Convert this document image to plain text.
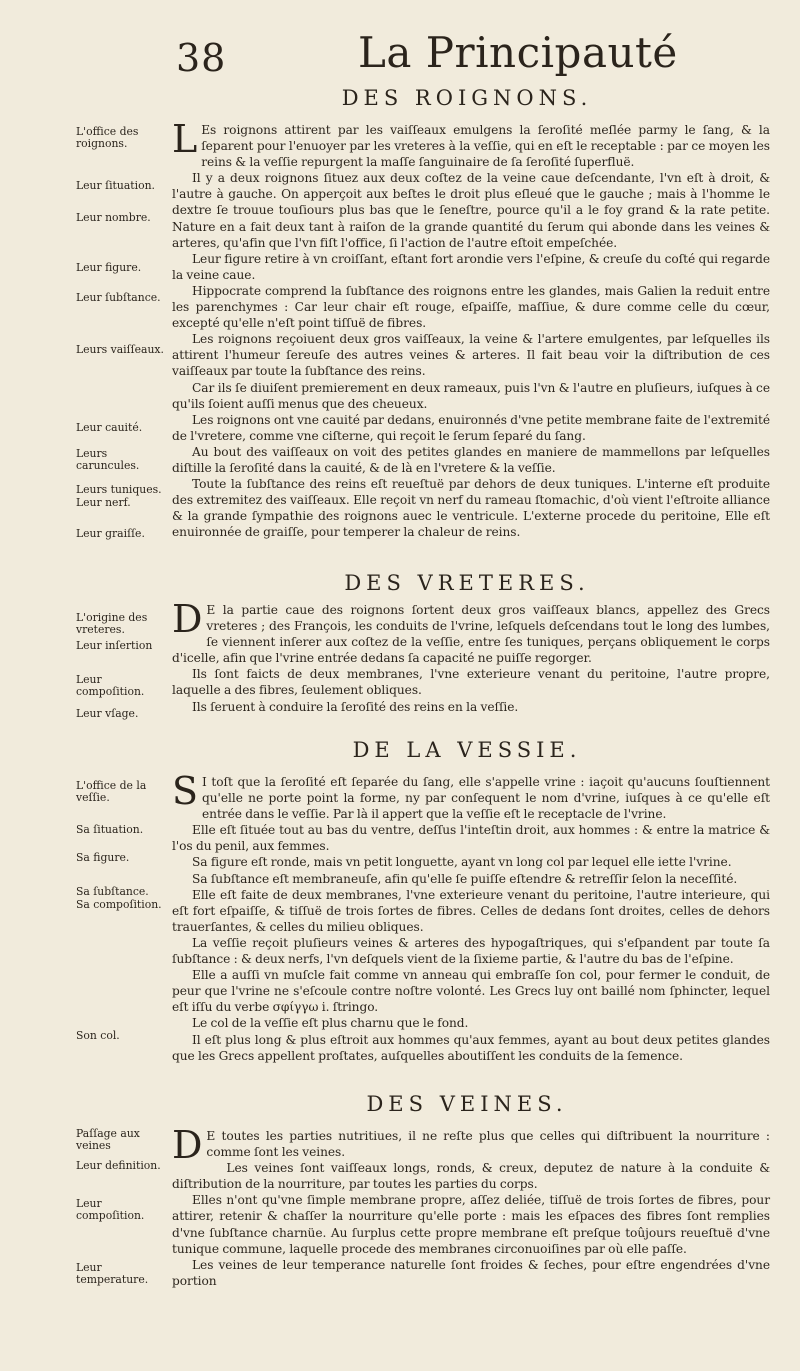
38	La Principauté
DES ROIGNONS.

L Es roignons attirent par les vaiſſeaux emulgens la ſeroſité meſlée parmy le ſang, & la ſeparent pour l'enuoyer par les vreteres à la veſſie, qui en eſt le receptable : par ce moyen les reins & la veſſie repurgent la maſſe ſanguinaire de ſa ſeroſité ſuperfluë.

Il y a deux roignons ſituez aux deux coſtez de la veine caue deſcendante, l'vn eſt à droit, & l'autre à gauche. On apperçoit aux beſtes le droit plus eſleué que le gauche ; mais à l'homme le dextre ſe trouue touſiours plus bas que le ſeneſtre, pource qu'il a le foy grand & la rate petite. Nature en a fait deux tant à raiſon de la grande quantité du ſerum qui abonde dans les veines & arteres, qu'afin que l'vn fiſt l'office, ſi l'action de l'autre eſtoit empeſchée.

Leur figure retire à vn croiſſant, eſtant fort arondie vers l'eſpine, & creuſe du coſté qui regarde la veine caue.

Hippocrate comprend la ſubſtance des roignons entre les glandes, mais Galien la reduit entre les parenchymes : Car leur chair eſt rouge, eſpaiſſe, maſſiue, & dure comme celle du cœur, excepté qu'elle n'eſt point tiſſuë de fibres.

Les roignons reçoiuent deux gros vaiſſeaux, la veine & l'artere emulgentes, par leſquelles ils attirent l'humeur ſereuſe des autres veines & arteres. Il fait beau voir la diſtribution de ces vaiſſeaux par toute la ſubſtance des reins.

Car ils ſe diuiſent premierement en deux rameaux, puis l'vn & l'autre en pluſieurs, iuſques à ce qu'ils ſoient auſſi menus que des cheueux.

Les roignons ont vne cauité par dedans, enuironnés d'vne petite membrane faite de l'extremité de l'vretere, comme vne ciſterne, qui reçoit le ſerum ſeparé du ſang.

Au bout des vaiſſeaux on voit des petites glandes en maniere de mammellons par leſquelles diſtille la ſeroſité dans la cauité, & de là en l'vretere & la veſſie.

Toute la ſubſtance des reins eſt reueſtuë par dehors de deux tuniques. L'interne eſt produite des extremitez des vaiſſeaux. Elle reçoit vn nerf du rameau ſtomachic, d'où vient l'eſtroite alliance & la grande ſympathie des roignons auec le ventricule. L'externe procede du peritoine, Elle eſt enuironnée de graiſſe, pour temperer la chaleur de reins.

DES VRETERES.

D E la partie caue des roignons ſortent deux gros vaiſſeaux blancs, appellez des Grecs vreteres ; des François, les conduits de l'vrine, leſquels deſcendans tout le long des lumbes, ſe viennent inſerer aux coſtez de la veſſie, entre ſes tuniques, perçans obliquement le corps d'icelle, afin que l'vrine entrée dedans ſa capacité ne puiſſe regorger.

Ils ſont faicts de deux membranes, l'vne exterieure venant du peritoine, l'autre propre, laquelle a des fibres, ſeulement obliques.

Ils ſeruent à conduire la ſeroſité des reins en la veſſie.

DE LA VESSIE.

S I toſt que la ſeroſité eſt ſeparée du ſang, elle s'appelle vrine : iaçoit qu'aucuns ſouſtiennent qu'elle ne porte point la forme, ny par conſequent le nom d'vrine, iuſques à ce qu'elle eſt entrée dans le veſſie. Par là il appert que la veſſie eſt le receptacle de l'vrine.

Elle eſt ſituée tout au bas du ventre, deſſus l'inteſtin droit, aux hommes : & entre la matrice & l'os du penil, aux femmes.

Sa figure eſt ronde, mais vn petit longuette, ayant vn long col par lequel elle iette l'vrine.

Sa ſubſtance eſt membraneuſe, afin qu'elle ſe puiſſe eſtendre & retreſſir ſelon la neceſſité.

Elle eſt faite de deux membranes, l'vne exterieure venant du peritoine, l'autre interieure, qui eſt fort eſpaiſſe, & tiſſuë de trois ſortes de fibres. Celles de dedans ſont droites, celles de dehors trauerſantes, & celles du milieu obliques.

La veſſie reçoit pluſieurs veines & arteres des hypogaſtriques, qui s'eſpandent par toute ſa ſubſtance : & deux nerfs, l'vn deſquels vient de la ſixieme partie, & l'autre du bas de l'eſpine.

Elle a auſſi vn muſcle fait comme vn anneau qui embraſſe ſon col, pour fermer le conduit, de peur que l'vrine ne s'eſcoule contre noſtre volonté. Les Grecs luy ont baillé nom ſphincter, lequel eſt iſſu du verbe σφίγγω i. ſtringo.

Le col de la veſſie eſt plus charnu que le fond.

Il eſt plus long & plus eſtroit aux hommes qu'aux femmes, ayant au bout deux petites glandes que les Grecs appellent proſtates, auſquelles aboutiſſent les conduits de la ſemence.

DES VEINES.

D E toutes les parties nutritiues, il ne reſte plus que celles qui diſtribuent la nourriture : comme ſont les veines.

Les veines ſont vaiſſeaux longs, ronds, & creux, deputez de nature à la conduite & diſtribution de la nourriture, par toutes les parties du corps.

Elles n'ont qu'vne ſimple membrane propre, aſſez deliée, tiſſuë de trois ſortes de fibres, pour attirer, retenir & chaſſer la nourriture qu'elle porte : mais les eſpaces des fibres ſont remplies d'vne ſubſtance charnüe. Au ſurplus cette propre membrane eſt preſque toûjours reueſtuë d'vne tunique commune, laquelle procede des membranes circonuoiſines par où elle paſſe.

Les veines de leur temperance naturelle ſont froides & ſeches, pour eſtre engendrées d'vne portion

L'office des roignons.
Leur ſituation.
Leur nombre.
Leur figure.
Leur ſubſtance.
Leurs vaiſſeaux.
Leur cauité.
Leurs caruncules.
Leurs tuniques.
Leur nerf.
Leur graiſſe.
L'origine des vreteres.
Leur inſertion
Leur compoſition.
Leur vſage.
L'office de la veſſie.
Sa ſituation.
Sa figure.
Sa ſubſtance.
Sa compoſition.
Son col.
Paſſage aux veines
Leur definition.
Leur compoſition.
Leur temperature.
